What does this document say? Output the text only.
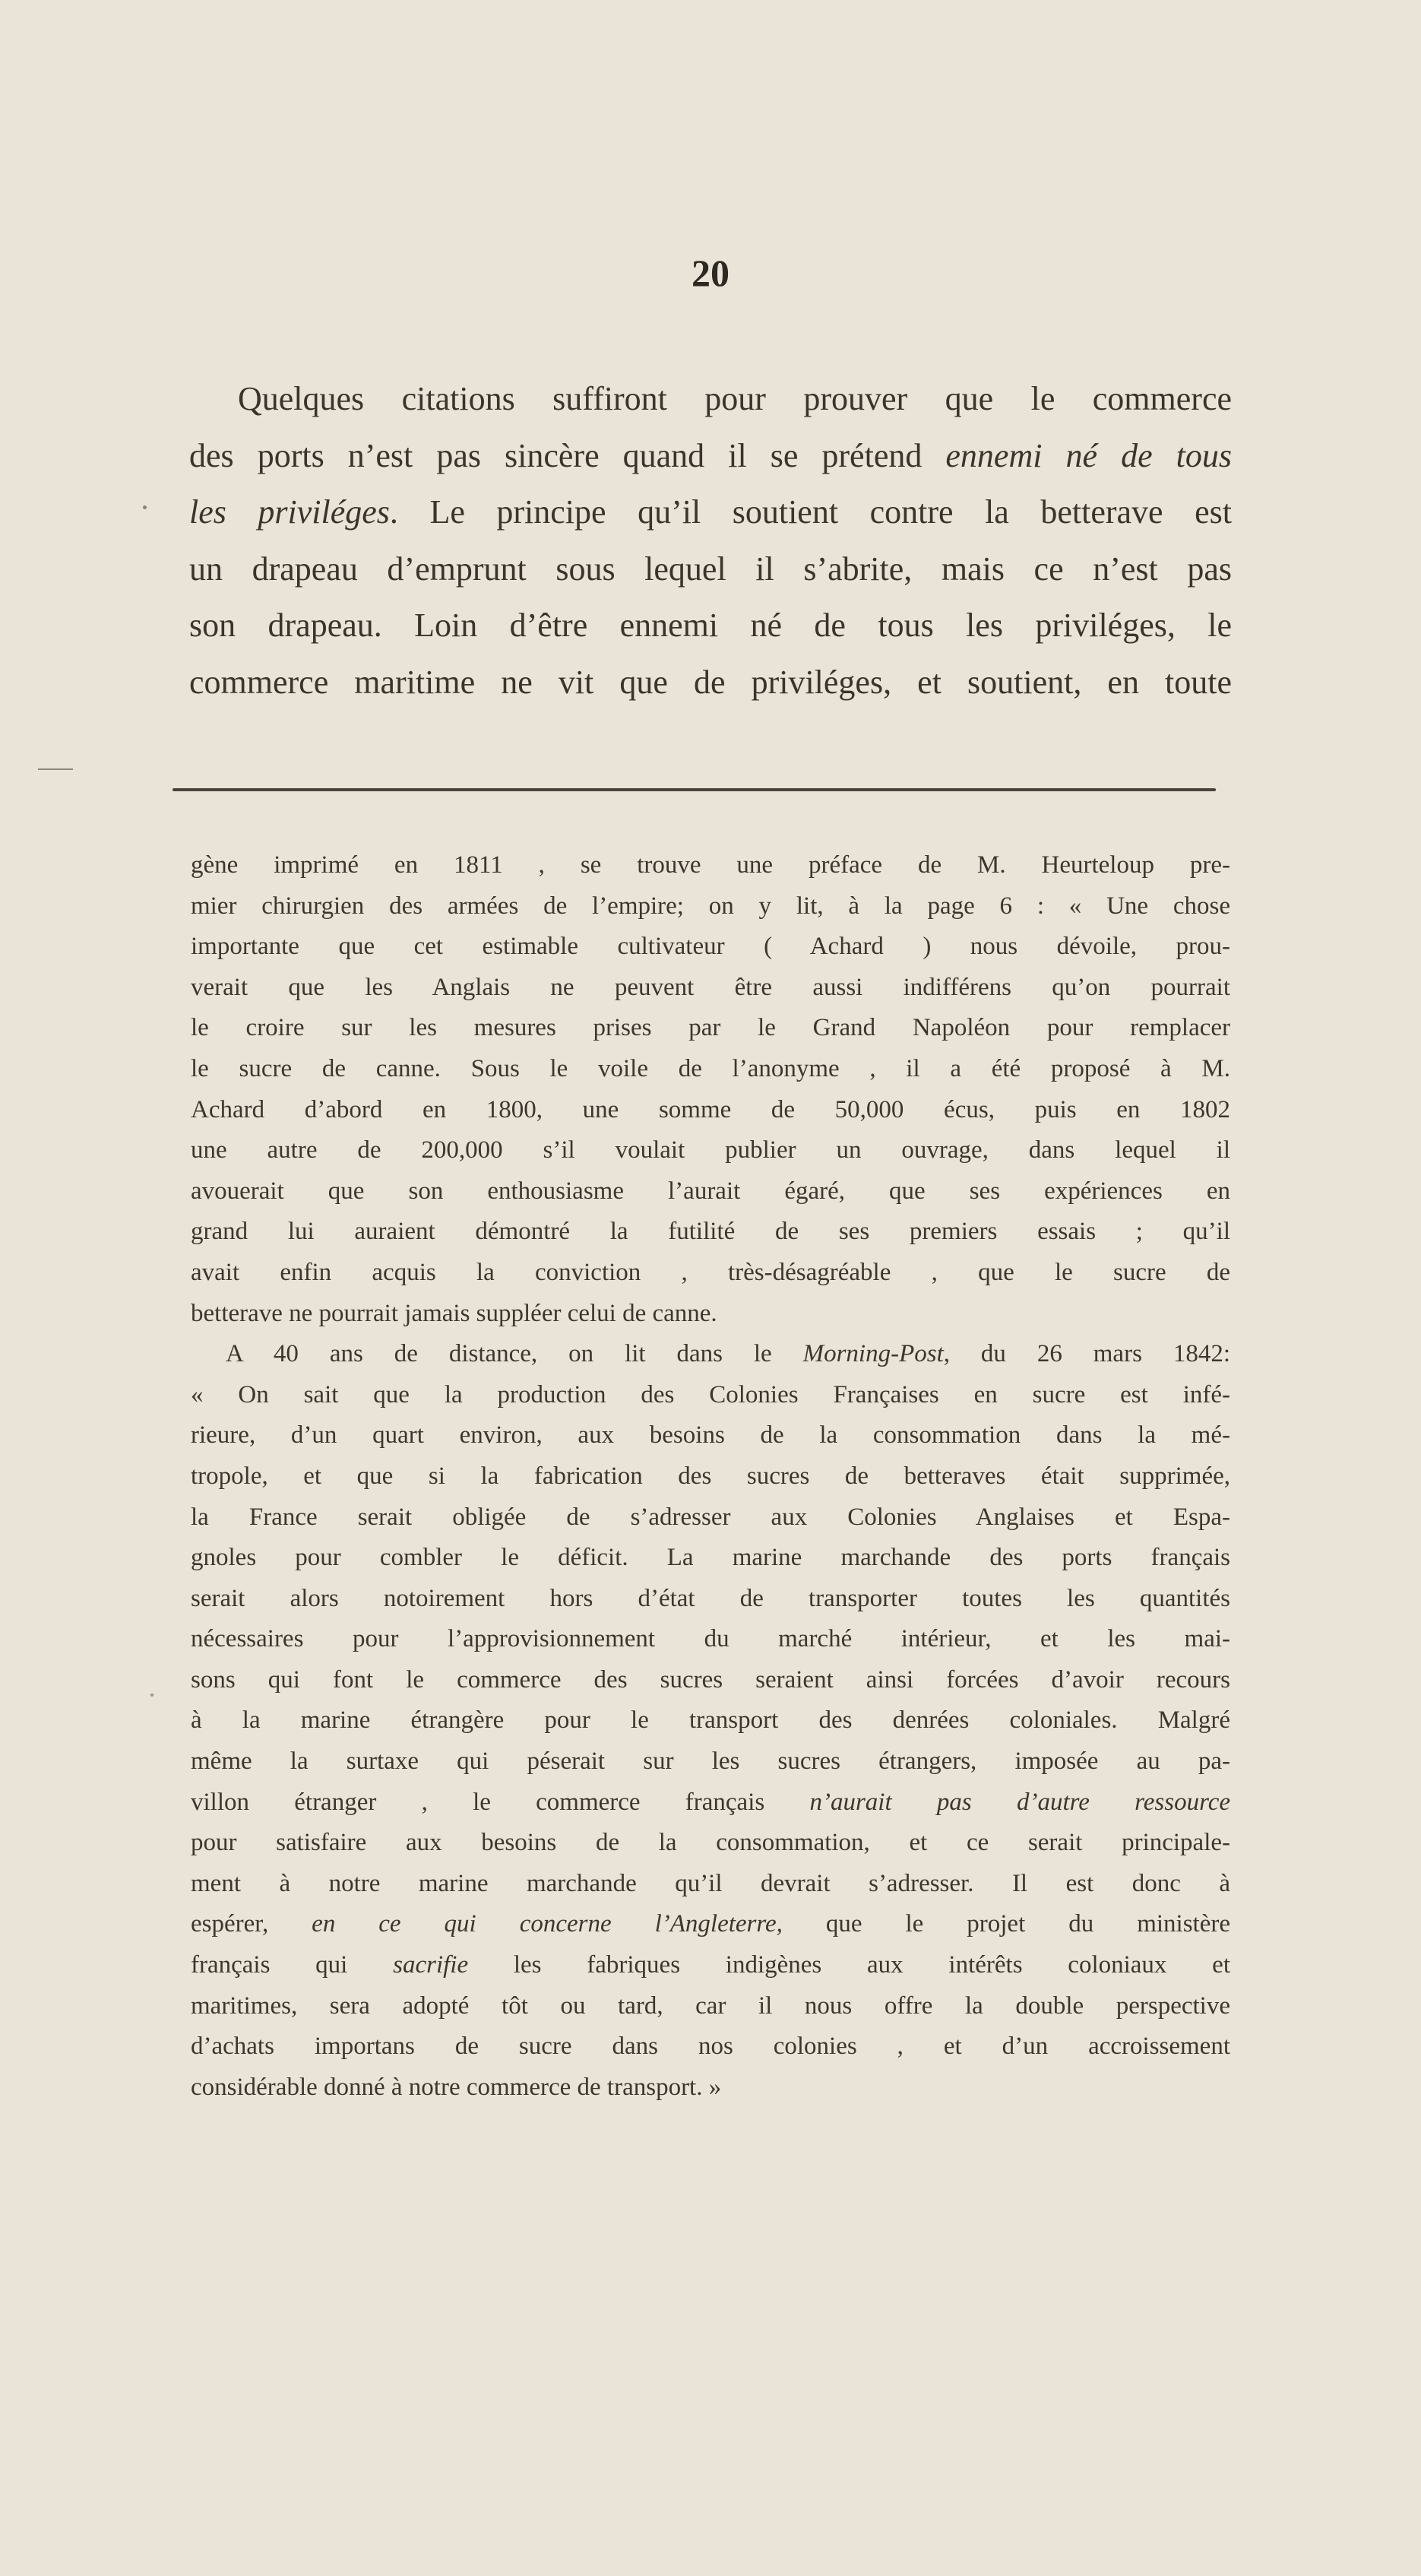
20
Quelques citations suffiront pour prouver que le commerce
des ports n’est pas sincère quand il se prétend ennemi né de tous
les priviléges. Le principe qu’il soutient contre la betterave est
un drapeau d’emprunt sous lequel il s’abrite, mais ce n’est pas
son drapeau. Loin d’être ennemi né de tous les priviléges, le
commerce maritime ne vit que de priviléges, et soutient, en toute
gène imprimé en 1811 , se trouve une préface de M. Heurteloup pre-
mier chirurgien des armées de l’empire; on y lit, à la page 6 : « Une chose
importante que cet estimable cultivateur ( Achard ) nous dévoile, prou-
verait que les Anglais ne peuvent être aussi indifférens qu’on pourrait
le croire sur les mesures prises par le Grand Napoléon pour remplacer
le sucre de canne. Sous le voile de l’anonyme , il a été proposé à M.
Achard d’abord en 1800, une somme de 50,000 écus, puis en 1802
une autre de 200,000 s’il voulait publier un ouvrage, dans lequel il
avouerait que son enthousiasme l’aurait égaré, que ses expériences en
grand lui auraient démontré la futilité de ses premiers essais ; qu’il
avait enfin acquis la conviction , très-désagréable , que le sucre de
betterave ne pourrait jamais suppléer celui de canne.
A 40 ans de distance, on lit dans le Morning-Post, du 26 mars 1842:
« On sait que la production des Colonies Françaises en sucre est infé-
rieure, d’un quart environ, aux besoins de la consommation dans la mé-
tropole, et que si la fabrication des sucres de betteraves était supprimée,
la France serait obligée de s’adresser aux Colonies Anglaises et Espa-
gnoles pour combler le déficit. La marine marchande des ports français
serait alors notoirement hors d’état de transporter toutes les quantités
nécessaires pour l’approvisionnement du marché intérieur, et les mai-
sons qui font le commerce des sucres seraient ainsi forcées d’avoir recours
à la marine étrangère pour le transport des denrées coloniales. Malgré
même la surtaxe qui péserait sur les sucres étrangers, imposée au pa-
villon étranger , le commerce français n’aurait pas d’autre ressource
pour satisfaire aux besoins de la consommation, et ce serait principale-
ment à notre marine marchande qu’il devrait s’adresser. Il est donc à
espérer, en ce qui concerne l’Angleterre, que le projet du ministère
français qui sacrifie les fabriques indigènes aux intérêts coloniaux et
maritimes, sera adopté tôt ou tard, car il nous offre la double perspective
d’achats importans de sucre dans nos colonies , et d’un accroissement
considérable donné à notre commerce de transport. »
